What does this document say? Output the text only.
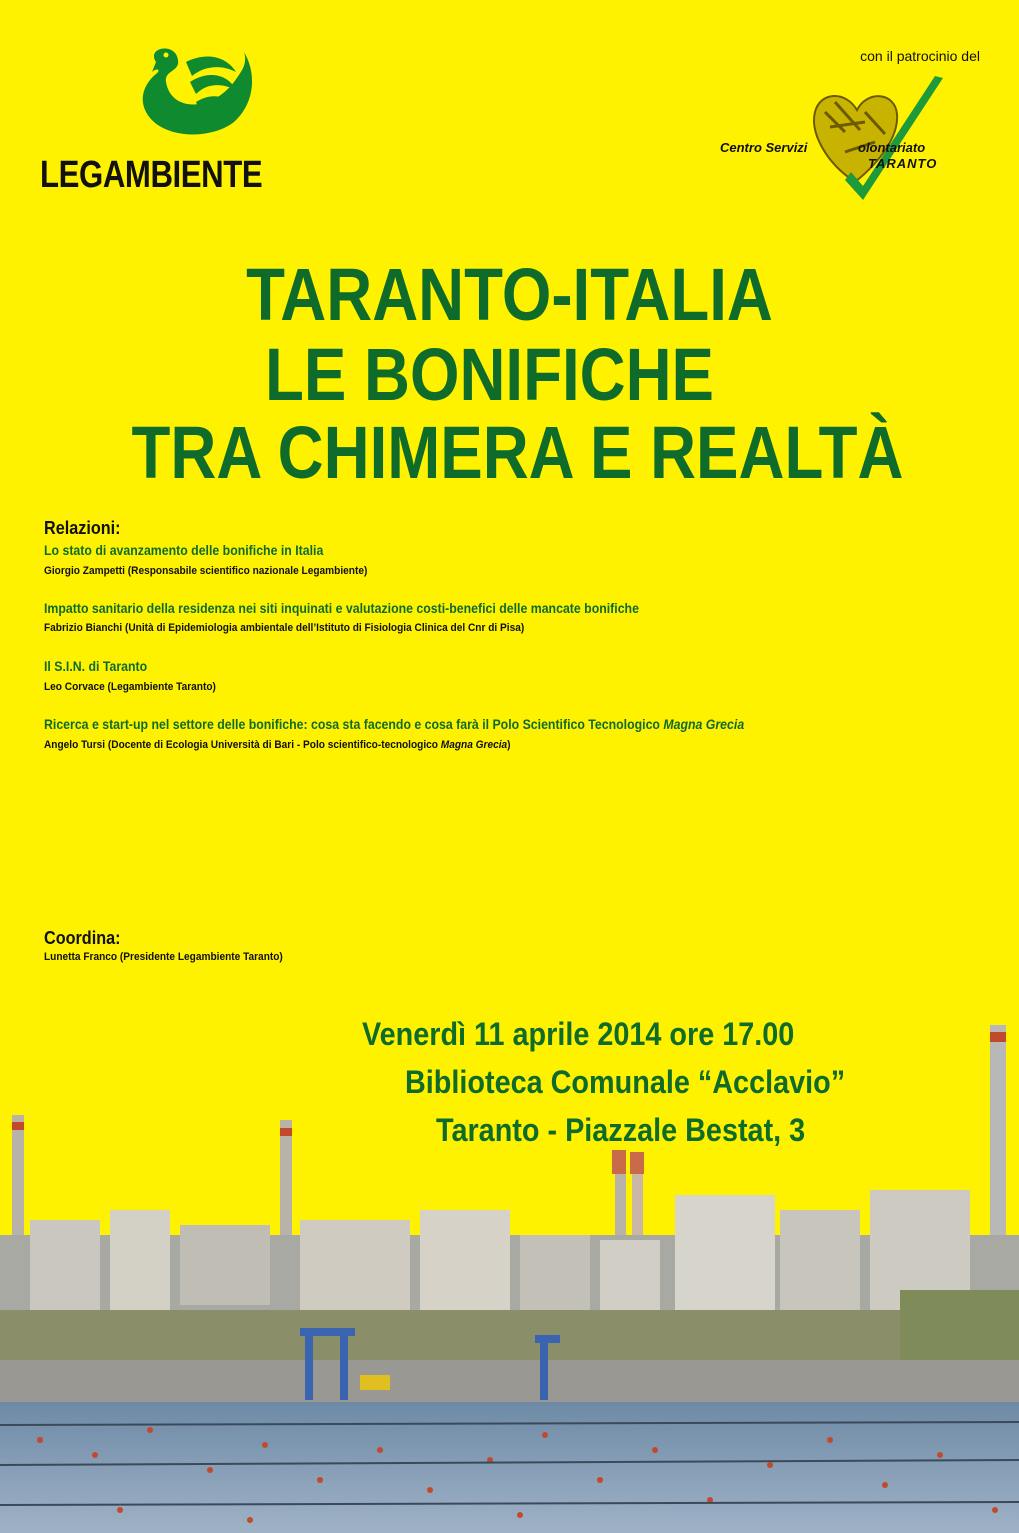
LEGAMBIENTE
con il patrocinio del
Centro Servizi	olontariato
TARANTO
TARANTO-ITALIA
LE BONIFICHE
TRA CHIMERA E REALTÀ
Relazioni:
Lo stato di avanzamento delle bonifiche in Italia
Giorgio Zampetti (Responsabile scientifico nazionale Legambiente)
Impatto sanitario della residenza nei siti inquinati e valutazione costi-benefici delle mancate bonifiche
Fabrizio Bianchi (Unità di Epidemiologia ambientale dell’Istituto di Fisiologia Clinica del Cnr di Pisa)
Il S.I.N. di Taranto
Leo Corvace (Legambiente Taranto)
Ricerca e start-up nel settore delle bonifiche: cosa sta facendo e cosa farà il Polo Scientifico Tecnologico Magna Grecia
Angelo Tursi (Docente di Ecologia Università di Bari - Polo scientifico-tecnologico Magna Grecia)
Coordina:
Lunetta Franco (Presidente Legambiente Taranto)
Venerdì 11 aprile 2014 ore 17.00
Biblioteca Comunale “Acclavio”
Taranto - Piazzale Bestat, 3
